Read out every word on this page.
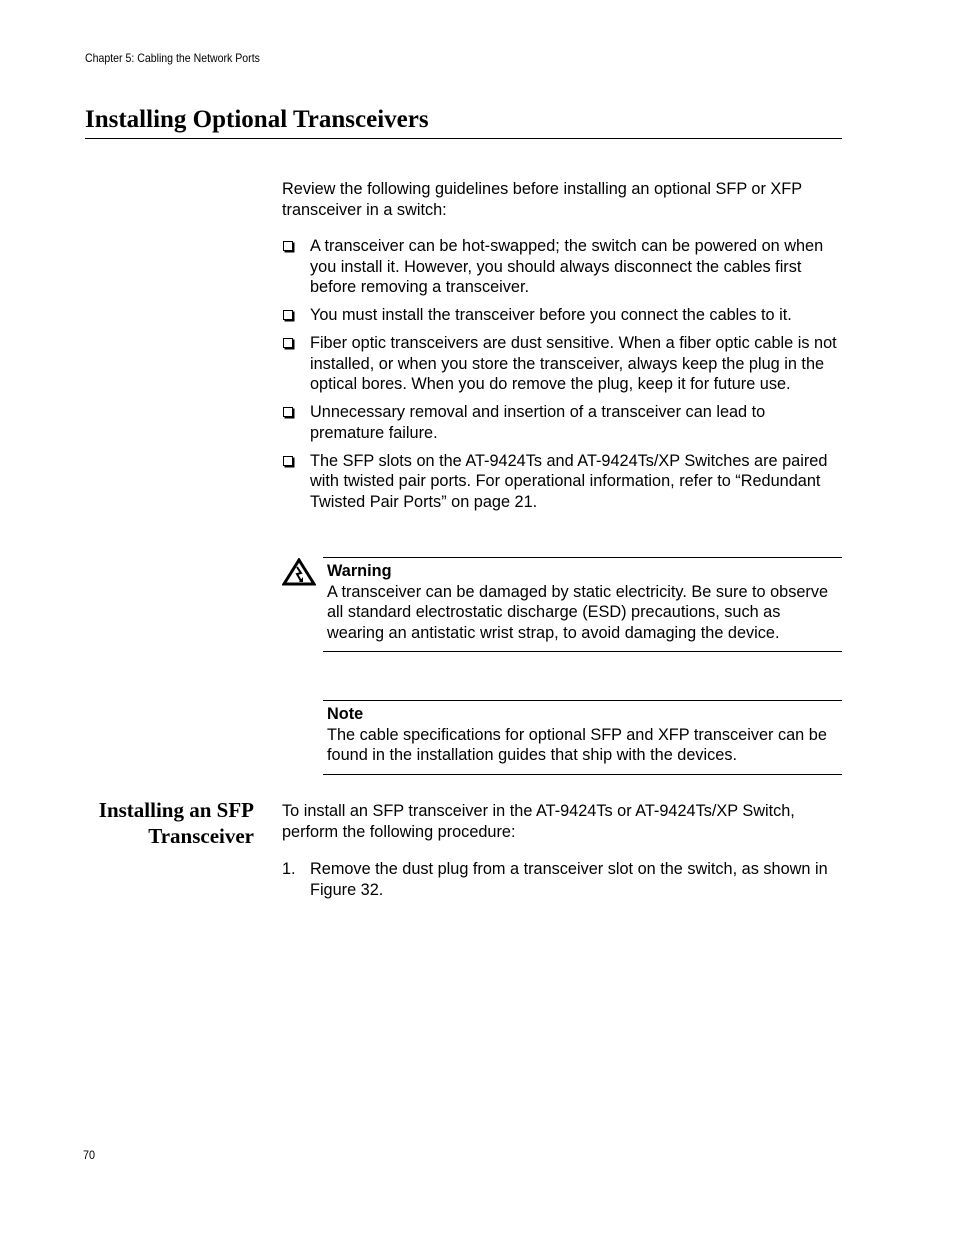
Chapter 5: Cabling the Network Ports
Installing Optional Transceivers

Review the following guidelines before installing an optional SFP or XFP transceiver in a switch:

A transceiver can be hot-swapped; the switch can be powered on when you install it. However, you should always disconnect the cables first before removing a transceiver.
You must install the transceiver before you connect the cables to it.
Fiber optic transceivers are dust sensitive. When a fiber optic cable is not installed, or when you store the transceiver, always keep the plug in the optical bores. When you do remove the plug, keep it for future use.
Unnecessary removal and insertion of a transceiver can lead to premature failure.
The SFP slots on the AT-9424Ts and AT-9424Ts/XP Switches are paired with twisted pair ports. For operational information, refer to “Redundant Twisted Pair Ports” on page 21.
Warning
A transceiver can be damaged by static electricity. Be sure to observe all standard electrostatic discharge (ESD) precautions, such as wearing an antistatic wrist strap, to avoid damaging the device.
Note
The cable specifications for optional SFP and XFP transceiver can be found in the installation guides that ship with the devices.
Installing an SFP
Transceiver

To install an SFP transceiver in the AT-9424Ts or AT-9424Ts/XP Switch, perform the following procedure:

1. Remove the dust plug from a transceiver slot on the switch, as shown in Figure 32.
70
